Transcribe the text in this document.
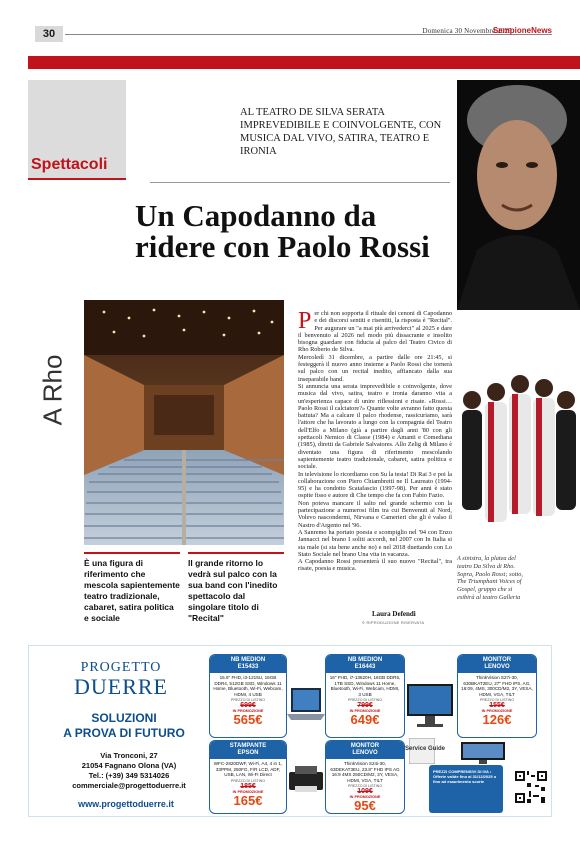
30	Domenica 30 Novembre 2025
SempioneNews
Spettacoli
AL TEATRO DE SILVA SERATA IMPREVEDIBILE E COINVOLGENTE, CON MUSICA DAL VIVO, SATIRA, TEATRO E IRONIA
Un Capodanno da ridere con Paolo Rossi
A Rho
È una figura di riferimento che mescola sapientemente teatro tradizionale, cabaret, satira politica e sociale
Il grande ritorno lo vedrà sul palco con la sua band con l'inedito spettacolo dal singolare titolo di "Recital"

Per chi non sopporta il rituale dei cenoni di Capodanno e dei discorsi sentiti e risentiti, la risposta è "Recital". Per augurare un "a mai più arrivederci" al 2025 e dare il benvenuto al 2026 nel modo più dissacrante e insolito bisogna guardare con fiducia al palco del Teatro Civico di Rho Roberto de Silva.

Mercoledì 31 dicembre, a partire dalle ore 21:45, si festeggerà il nuovo anno insieme a Paolo Rossi che tornerà sul palco con un recital inedito, affiancato dalla sua inseparabile band.

Si annuncia una serata imprevedibile e coinvolgente, dove musica dal vivo, satira, teatro e ironia daranno vita a un'esperienza capace di unire riflessioni e risate. «Rossi… Paolo Rossi il calciatore?» Quante volte avranno fatto questa battuta? Ma a calcare il palco rhodense, rassicuriamo, sarà l'attore che ha lavorato a lungo con la compagnia del Teatro dell'Elfo a Milano (già a partire dagli anni '80 con gli spettacoli Nemico di Classe (1984) e Amanti e Comediana (1985), diretti da Gabriele Salvatores. Allo Zelig di Milano è diventato una figura di riferimento mescolando sapientemente teatro tradizionale, cabaret, satira politica e sociale.

In televisione lo ricordiamo con Su la testa! Di Rai 3 e poi la collaborazione con Piero Chiambretti ne Il Laureato (1994-95) e ha condotto Scatafascio (1997-98). Per anni è stato ospite fisso e autore di Che tempo che fa con Fabio Fazio.

Non poteva mancare il salto nel grande schermo con la partecipazione a numerosi film tra cui Benvenuti al Nord, Volevo nascondermi, Nirvana e Camerieri che gli è valso il Nastro d'Argento nel '96.

A Sanremo ha portato poesia e scompiglio nel '94 con Enzo Jannacci nel brano I soliti accordi, nel 2007 con In Italia si sta male (si sta bene anche no) e nel 2018 duettando con Lo Stato Sociale nel brano Una vita in vacanza.

A Capodanno Rossi presenterà il suo nuovo "Recital", tra risate, poesia e musica.

Laura Defendi
© RIPRODUZIONE RISERVATA
A sinistra, la platea del teatro Da Silva di Rho. Sopra, Paolo Rossi; sotto, The Triumphant Voices of Gospel, gruppo che si esibirà al teatro Galleria
PROGETTO
DUERRE
SOLUZIONI
A PROVA DI FUTURO
Via Tronconi, 27
21054 Fagnano Olona (VA)
Tel.: (+39) 349 5314026
commerciale@progettoduerre.it
www.progettoduerre.it
NB MEDION
E15433
15.6" FHD, i3-1215U, 16GB DDR4, 512GB SSD, Windows 11 Home, Bluetooth, Wi-Fi, Webcam, HDMI, 4 USB
PREZZO DI LISTINO
699€
IN PROMOZIONE
565€
NB MEDION
E16443
16" FHD, i7-13620H, 16GB DDR5, 1TB SSD, Windows 11 Home, Bluetooth, Wi-Fi, Webcam, HDMI, 3 USB
PREZZO DI LISTINO
799€
IN PROMOZIONE
649€
MONITOR
LENOVO
ThinkVision S27i-30, 630BKAT2EU, 27" FHD IPS, AG, 16:09, 4MS, 300CD/M2, 3Y, VESA, HDMI, VGA, TILT
PREZZO DI LISTINO
155€
IN PROMOZIONE
126€
STAMPANTE
EPSON
WFC-2820DWF, Wi-Fi, A4, 4 in 1, 33PPM, 250FG, F/R LCD, ADF, USB, LAN, Wi-Fi Direct
PREZZO DI LISTINO
185€
IN PROMOZIONE
165€
MONITOR
LENOVO
ThinkVision S24i-30, 63DEKAT3EU, 23.8" FHD IPS AG 16:9 4MS 250CD/M2, 3Y, VESA, HDMI, VGA, TILT
PREZZO DI LISTINO
109€
IN PROMOZIONE
95€
Service Guide
PREZZI COMPRENSIVI DI IVA • Offerte valide fino al 31/12/2025 o fino ad esaurimento scorte
